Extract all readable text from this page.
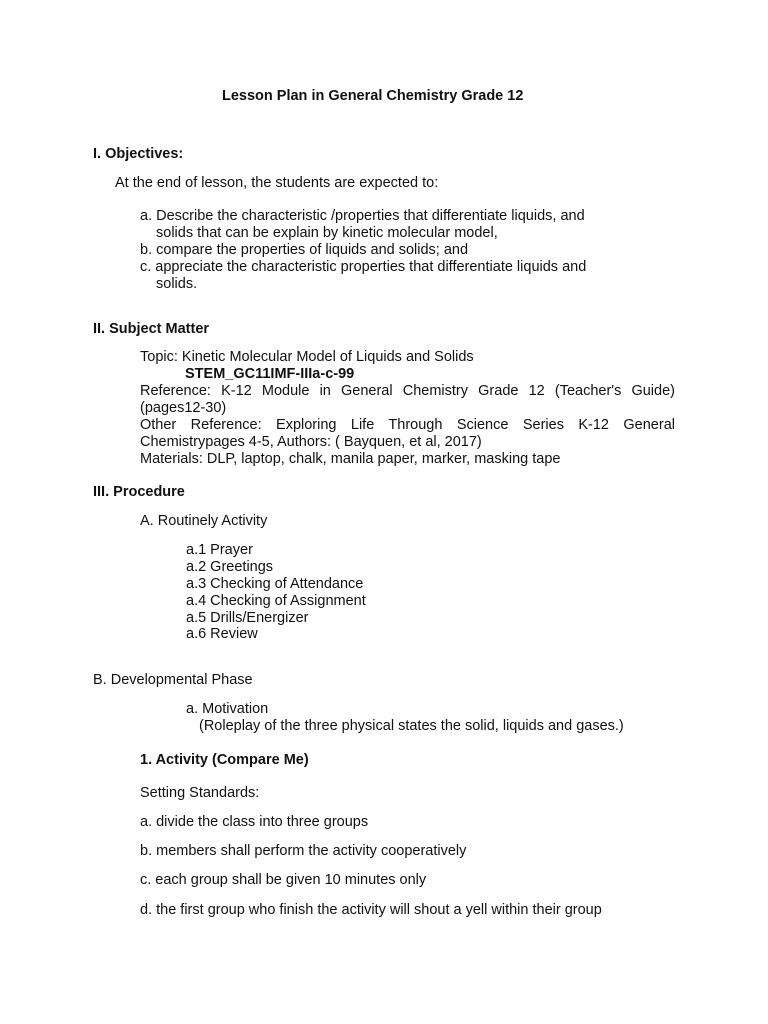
Lesson Plan in General Chemistry Grade 12
I. Objectives:
At the end of lesson, the students are expected to:
a. Describe the characteristic /properties that differentiate liquids, and
solids that can be explain by kinetic molecular model,
b. compare the properties of liquids and solids; and
c. appreciate the characteristic properties that differentiate liquids and
solids.
II. Subject Matter
Topic: Kinetic Molecular Model of Liquids and Solids
STEM_GC11IMF-IIIa-c-99
Reference: K-12 Module in General Chemistry Grade 12 (Teacher's Guide)
(pages12-30)
Other Reference: Exploring Life Through Science Series K-12 General
Chemistrypages 4-5, Authors: ( Bayquen, et al, 2017)
Materials: DLP, laptop, chalk, manila paper, marker, masking tape
III. Procedure
A. Routinely Activity
a.1 Prayer
a.2 Greetings
a.3 Checking of Attendance
a.4 Checking of Assignment
a.5 Drills/Energizer
a.6 Review
B. Developmental Phase
a. Motivation
(Roleplay of the three physical states the solid, liquids and gases.)
1. Activity (Compare Me)
Setting Standards:
a. divide the class into three groups
b. members shall perform the activity cooperatively
c. each group shall be given 10 minutes only
d. the first group who finish the activity will shout a yell within their group
